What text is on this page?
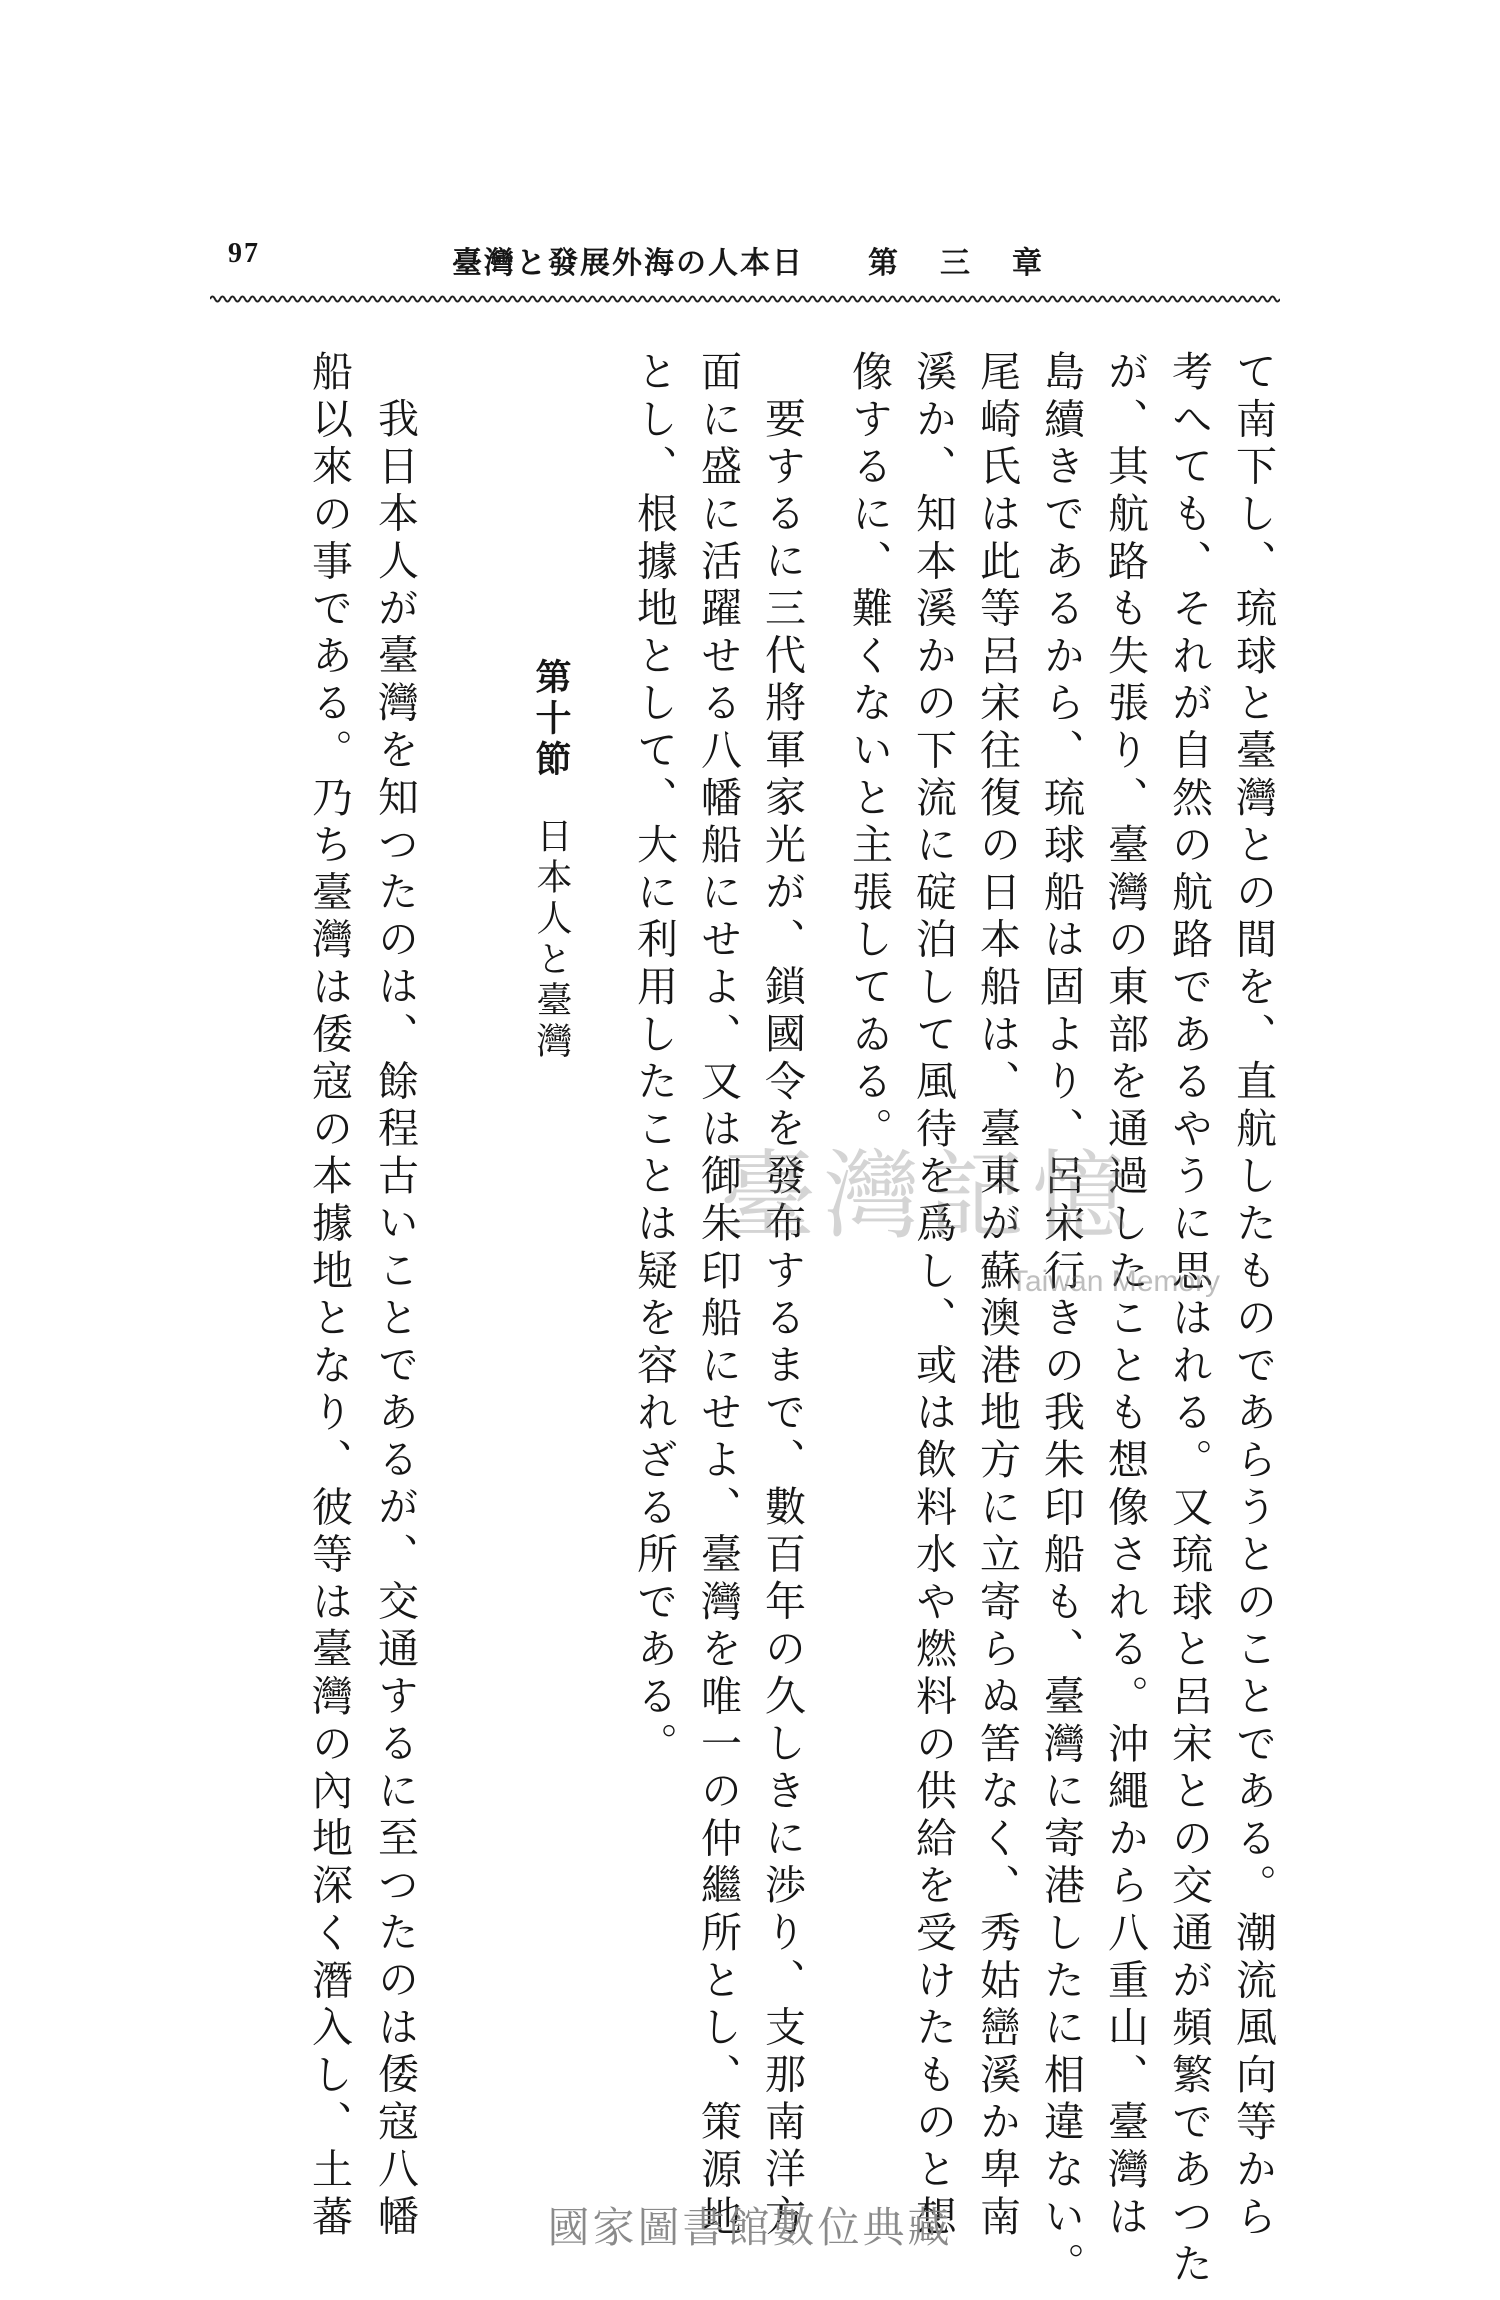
97	臺灣と發展外海の人本日 第三章
て南下し、琉球と臺灣との間を、直航したものであらうとのことである。潮流風向等から
考へても、それが自然の航路であるやうに思はれる。又琉球と呂宋との交通が頻繁であつた
が、其航路も失張り、臺灣の東部を通過したことも想像される。沖繩から八重山、臺灣は
島續きであるから、琉球船は固より、呂宋行きの我朱印船も、臺灣に寄港したに相違ない。
尾崎氏は此等呂宋往復の日本船は、臺東が蘇澳港地方に立寄らぬ筈なく、秀姑巒溪か卑南
溪か、知本溪かの下流に碇泊して風待を爲し、或は飲料水や燃料の供給を受けたものと想
像するに、難くないと主張してゐる。
要するに三代將軍家光が、鎖國令を發布するまで、數百年の久しきに渉り、支那南洋方
面に盛に活躍せる八幡船にせよ、又は御朱印船にせよ、臺灣を唯一の仲繼所とし、策源地
とし、根據地として、大に利用したことは疑を容れざる所である。
第十節日本人と臺灣
我日本人が臺灣を知つたのは、餘程古いことであるが、交通するに至つたのは倭寇八幡
船以來の事である。乃ち臺灣は倭寇の本據地となり、彼等は臺灣の內地深く潛入し、土蕃	臺灣記憶
Taiwan Memory
國家圖書館數位典藏
